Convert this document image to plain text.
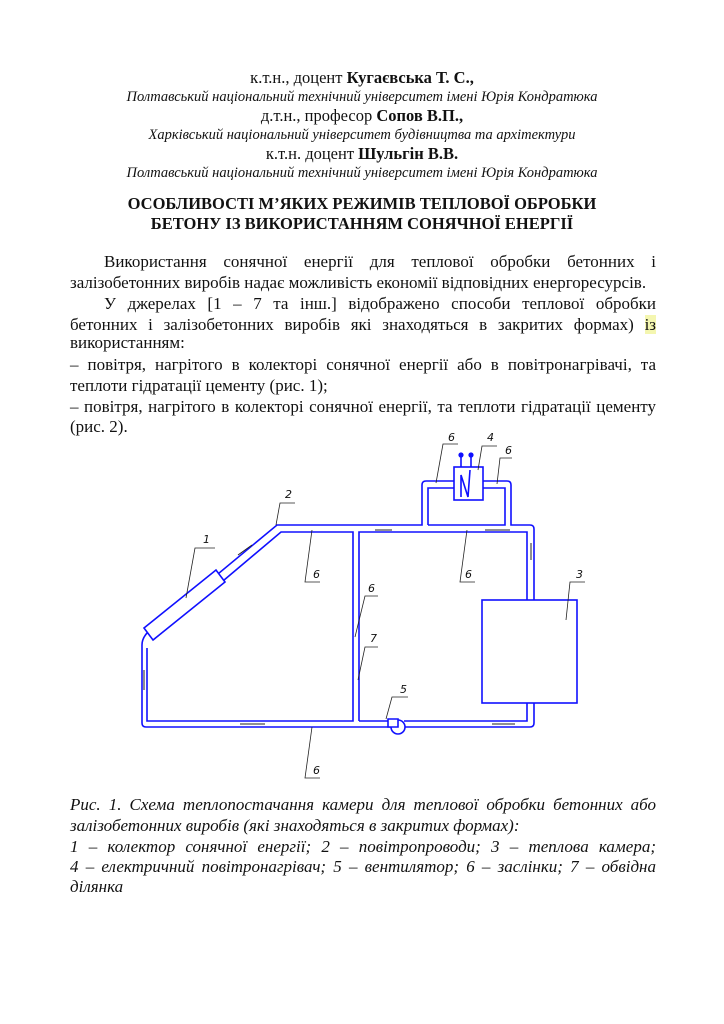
к.т.н., доцент Кугаєвська Т. С.,
Полтавський національний технічний університет імені Юрія Кондратюка
д.т.н., професор Сопов В.П.,
Харківський національний університет будівництва та архітектури
к.т.н. доцент Шульгін В.В.
Полтавський національний технічний університет імені Юрія Кондратюка
ОСОБЛИВОСТІ М’ЯКИХ РЕЖИМІВ ТЕПЛОВОЇ ОБРОБКИ
БЕТОНУ ІЗ ВИКОРИСТАННЯМ СОНЯЧНОЇ ЕНЕРГІЇ
Використання сонячної енергії для теплової обробки бетонних і
залізобетонних виробів надає можливість економії відповідних енергоресурсів.
У джерелах [1 – 7 та інш.] відображено способи теплової обробки
бетонних і залізобетонних виробів які знаходяться в закритих формах) із
використанням:
– повітря, нагрітого в колекторі сонячної енергії або в повітронагрівачі, та
теплоти гідратації цементу (рис. 1);
– повітря, нагрітого в колекторі сонячної енергії, та теплоти гідратації цементу
(рис. 2).
1
2
3
4
5
7
6
6
6	6
6
6
Рис. 1. Схема теплопостачання камери для теплової обробки бетонних або
залізобетонних виробів (які знаходяться в закритих формах):
1 – колектор сонячної енергії; 2 – повітропроводи; 3 – теплова камера;
4 – електричний повітронагрівач; 5 – вентилятор; 6 – заслінки; 7 – обвідна
ділянка
